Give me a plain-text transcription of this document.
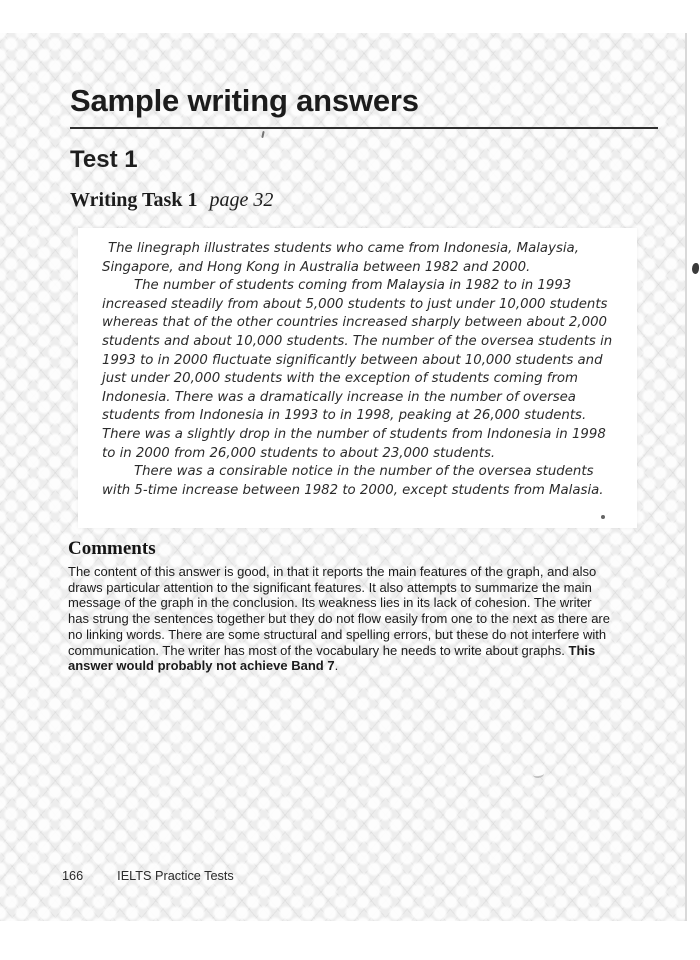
Sample writing answers
Test 1
Writing Task 1 page 32

The linegraph illustrates students who came from Indonesia, Malaysia, Singapore, and Hong Kong in Australia between 1982 and 2000.

The number of students coming from Malaysia in 1982 to in 1993 increased steadily from about 5,000 students to just under 10,000 students whereas that of the other countries increased sharply between about 2,000 students and about 10,000 students. The number of the oversea students in 1993 to in 2000 fluctuate significantly between about 10,000 students and just under 20,000 students with the exception of students coming from Indonesia. There was a dramatically increase in the number of oversea students from Indonesia in 1993 to in 1998, peaking at 26,000 students. There was a slightly drop in the number of students from Indonesia in 1998 to in 2000 from 26,000 students to about 23,000 students.

There was a consirable notice in the number of the oversea students with 5-time increase between 1982 to 2000, except students from Malasia.

Comments

The content of this answer is good, in that it reports the main features of the graph, and also draws particular attention to the significant features. It also attempts to summarize the main message of the graph in the conclusion. Its weakness lies in its lack of cohesion. The writer has strung the sentences together but they do not flow easily from one to the next as there are no linking words. There are some structural and spelling errors, but these do not interfere with communication. The writer has most of the vocabulary he needs to write about graphs. This answer would probably not achieve Band 7.

166	IELTS Practice Tests
